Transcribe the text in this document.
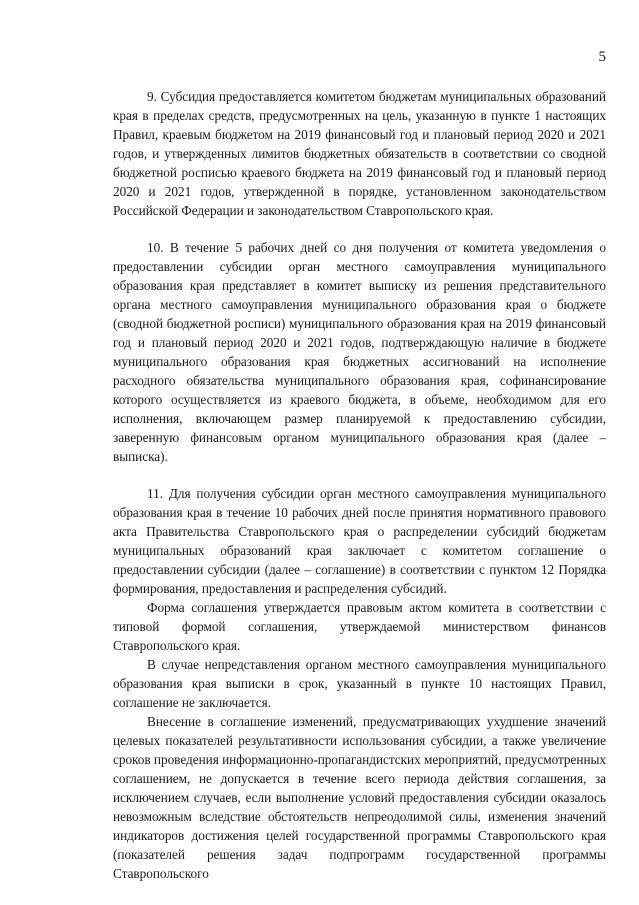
5

9. Субсидия предоставляется комитетом бюджетам муниципальных образований края в пределах средств, предусмотренных на цель, указанную в пункте 1 настоящих Правил, краевым бюджетом на 2019 финансовый год и плановый период 2020 и 2021 годов, и утвержденных лимитов бюджетных обязательств в соответствии со сводной бюджетной росписью краевого бюджета на 2019 финансовый год и плановый период 2020 и 2021 годов, утвержденной в порядке, установленном законодательством Российской Федерации и законодательством Ставропольского края.

10. В течение 5 рабочих дней со дня получения от комитета уведомления о предоставлении субсидии орган местного самоуправления муниципального образования края представляет в комитет выписку из решения представительного органа местного самоуправления муниципального образования края о бюджете (сводной бюджетной росписи) муниципального образования края на 2019 финансовый год и плановый период 2020 и 2021 годов, подтверждающую наличие в бюджете муниципального образования края бюджетных ассигнований на исполнение расходного обязательства муниципального образования края, софинансирование которого осуществляется из краевого бюджета, в объеме, необходимом для его исполнения, включающем размер планируемой к предоставлению субсидии, заверенную финансовым органом муниципального образования края (далее – выписка).

11. Для получения субсидии орган местного самоуправления муниципального образования края в течение 10 рабочих дней после принятия нормативного правового акта Правительства Ставропольского края о распределении субсидий бюджетам муниципальных образований края заключает с комитетом соглашение о предоставлении субсидии (далее – соглашение) в соответствии с пунктом 12 Порядка формирования, предоставления и распределения субсидий.

Форма соглашения утверждается правовым актом комитета в соответствии с типовой формой соглашения, утверждаемой министерством финансов Ставропольского края.

В случае непредставления органом местного самоуправления муниципального образования края выписки в срок, указанный в пункте 10 настоящих Правил, соглашение не заключается.

Внесение в соглашение изменений, предусматривающих ухудшение значений целевых показателей результативности использования субсидии, а также увеличение сроков проведения информационно-пропагандистских мероприятий, предусмотренных соглашением, не допускается в течение всего периода действия соглашения, за исключением случаев, если выполнение условий предоставления субсидии оказалось невозможным вследствие обстоятельств непреодолимой силы, изменения значений индикаторов достижения целей государственной программы Ставропольского края (показателей решения задач подпрограмм государственной программы Ставропольского
